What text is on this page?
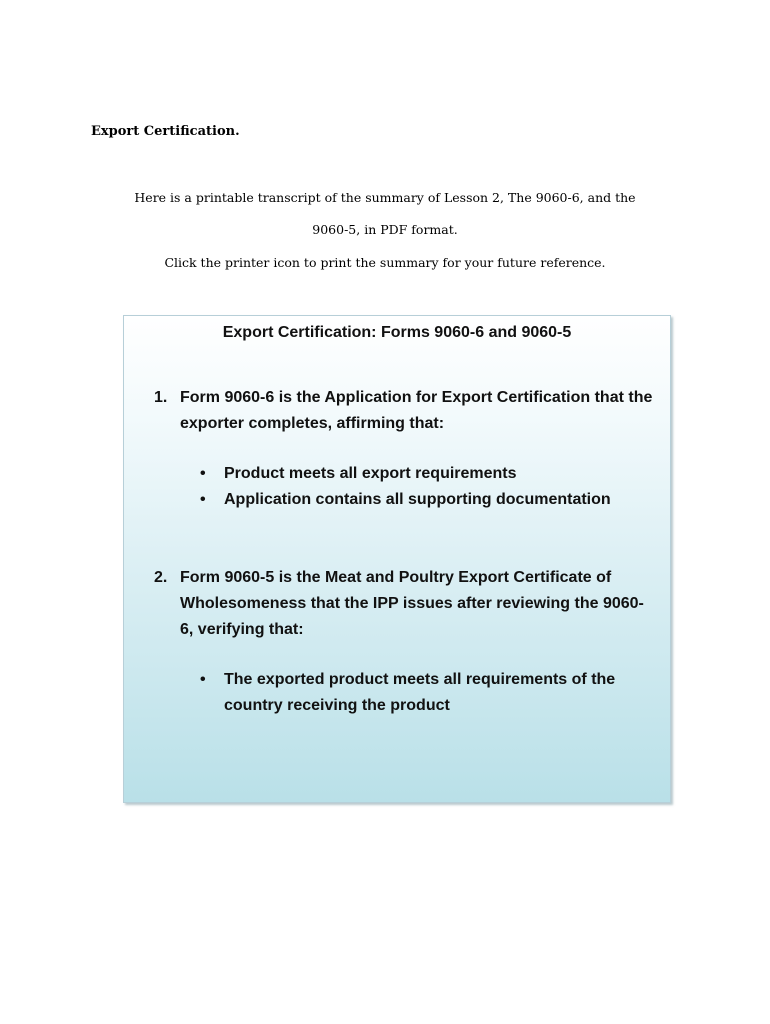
Export Certification.

Here is a printable transcript of the summary of Lesson 2, The 9060-6, and the

9060-5, in PDF format.

Click the printer icon to print the summary for your future reference.

Export Certification: Forms 9060-6 and 9060-5

1. Form 9060-6 is the Application for Export Certification that the exporter completes, affirming that:
• Product meets all export requirements
• Application contains all supporting documentation
2. Form 9060-5 is the Meat and Poultry Export Certificate of Wholesomeness that the IPP issues after reviewing the 9060-6, verifying that:
• The exported product meets all requirements of the country receiving the product
